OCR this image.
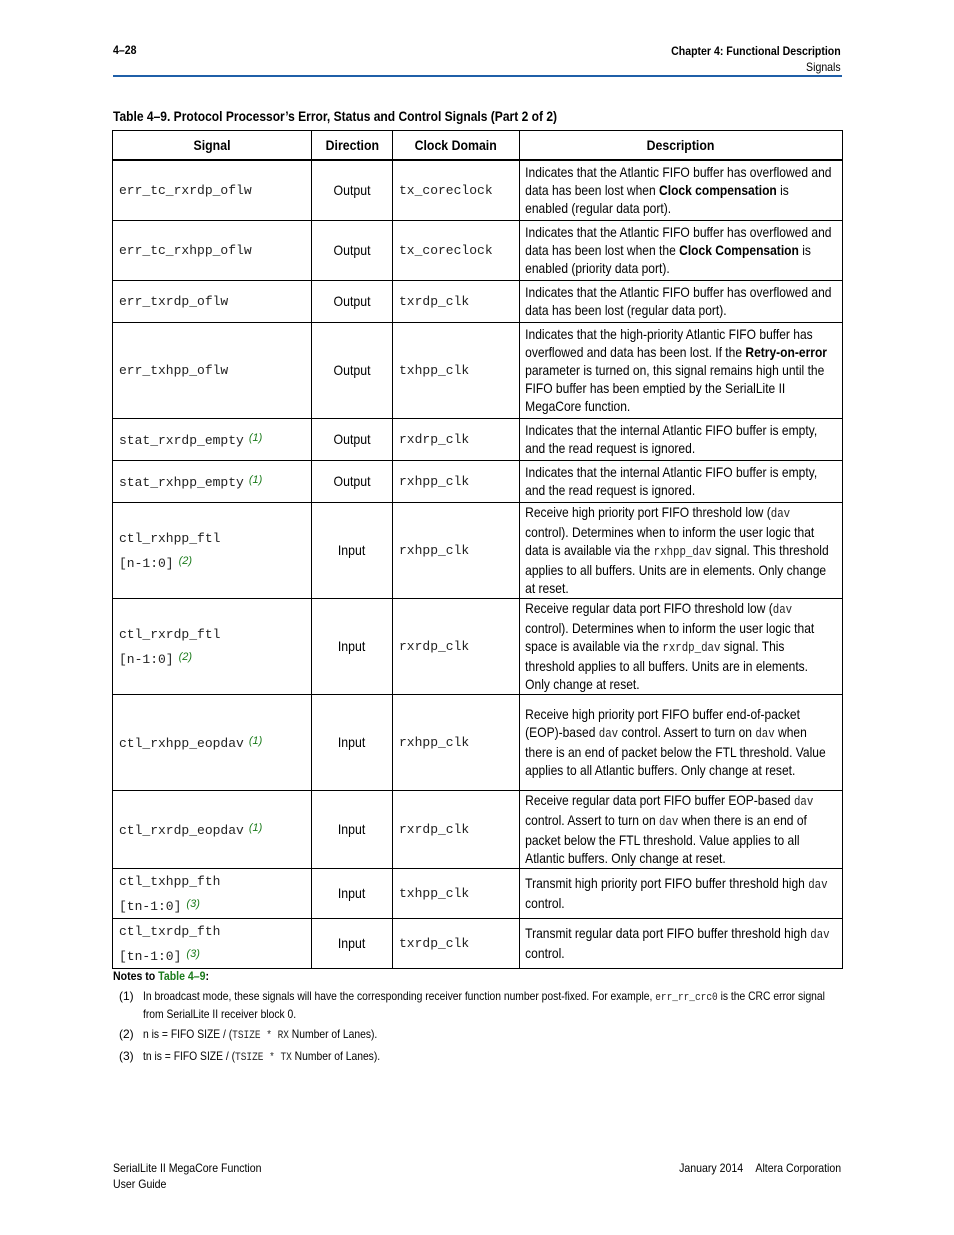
4–28	Chapter 4: Functional Description
Signals
Table 4–9. Protocol Processor’s Error, Status and Control Signals (Part 2 of 2)
Signal	Direction	Clock Domain	Description
err_tc_rxrdp_oflw	Output	tx_coreclock	Indicates that the Atlantic FIFO buffer has overflowed and data has been lost when Clock compensation is enabled (regular data port).

err_tc_rxhpp_oflw	Output	tx_coreclock	Indicates that the Atlantic FIFO buffer has overflowed and data has been lost when the Clock Compensation is enabled (priority data port).

err_txrdp_oflw	Output	txrdp_clk	Indicates that the Atlantic FIFO buffer has overflowed and data has been lost (regular data port).

err_txhpp_oflw	Output	txhpp_clk	Indicates that the high-priority Atlantic FIFO buffer has overflowed and data has been lost. If the Retry-on-error parameter is turned on, this signal remains high until the FIFO buffer has been emptied by the SerialLite II MegaCore function.

stat_rxrdp_empty $^{(1)}$	Output	rxdrp_clk	Indicates that the internal Atlantic FIFO buffer is empty, and the read request is ignored.

stat_rxhpp_empty $^{(1)}$	Output	rxhpp_clk	Indicates that the internal Atlantic FIFO buffer is empty, and the read request is ignored.

ctl_rxhpp_ftl
[n-1:0] $^{(2)}$	Input	rxhpp_clk	Receive high priority port FIFO threshold low (dav control). Determines when to inform the user logic that data is available via the rxhpp_dav signal. This threshold applies to all buffers. Units are in elements. Only change at reset.

ctl_rxrdp_ftl
[n-1:0] $^{(2)}$	Input	rxrdp_clk	Receive regular data port FIFO threshold low (dav control). Determines when to inform the user logic that space is available via the rxrdp_dav signal. This threshold applies to all buffers. Units are in elements. Only change at reset.

ctl_rxhpp_eopdav $^{(1)}$	Input	rxhpp_clk	Receive high priority port FIFO buffer end-of-packet (EOP)-based dav control. Assert to turn on dav when there is an end of packet below the FTL threshold. Value applies to all Atlantic buffers. Only change at reset.

ctl_rxrdp_eopdav $^{(1)}$	Input	rxrdp_clk	Receive regular data port FIFO buffer EOP-based dav control. Assert to turn on dav when there is an end of packet below the FTL threshold. Value applies to all Atlantic buffers. Only change at reset.

ctl_txhpp_fth
[tn-1:0] $^{(3)}$	Input	txhpp_clk	Transmit high priority port FIFO buffer threshold high dav control.

ctl_txrdp_fth
[tn-1:0] $^{(3)}$	Input	txrdp_clk	Transmit regular data port FIFO buffer threshold high dav control.
Notes to Table 4–9:
(1) In broadcast mode, these signals will have the corresponding receiver function number post-fixed. For example, err_rr_crc0 is the CRC error signal from SerialLite II receiver block 0.
(2) n is = FIFO SIZE / (TSIZE * RX Number of Lanes).
(3) tn is = FIFO SIZE / (TSIZE * TX Number of Lanes).
SerialLite II MegaCore Function
User Guide
January 2014 Altera Corporation
